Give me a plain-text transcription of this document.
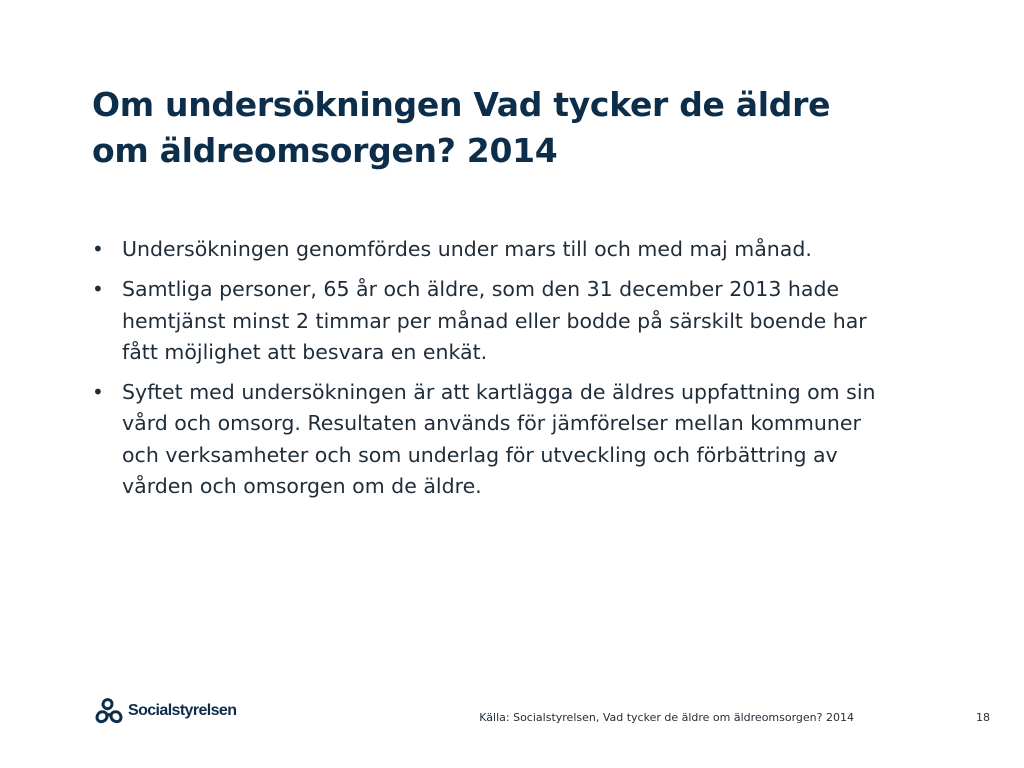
Om undersökningen Vad tycker de äldre om äldreomsorgen? 2014
• Undersökningen genomfördes under mars till och med maj månad.
• Samtliga personer, 65 år och äldre, som den 31 december 2013 hade hemtjänst minst 2 timmar per månad eller bodde på särskilt boende har fått möjlighet att besvara en enkät.
• Syftet med undersökningen är att kartlägga de äldres uppfattning om sin vård och omsorg. Resultaten används för jämförelser mellan kommuner och verksamheter och som underlag för utveckling och förbättring av vården och omsorgen om de äldre.
Socialstyrelsen	Källa: Socialstyrelsen, Vad tycker de äldre om äldreomsorgen? 2014	18
